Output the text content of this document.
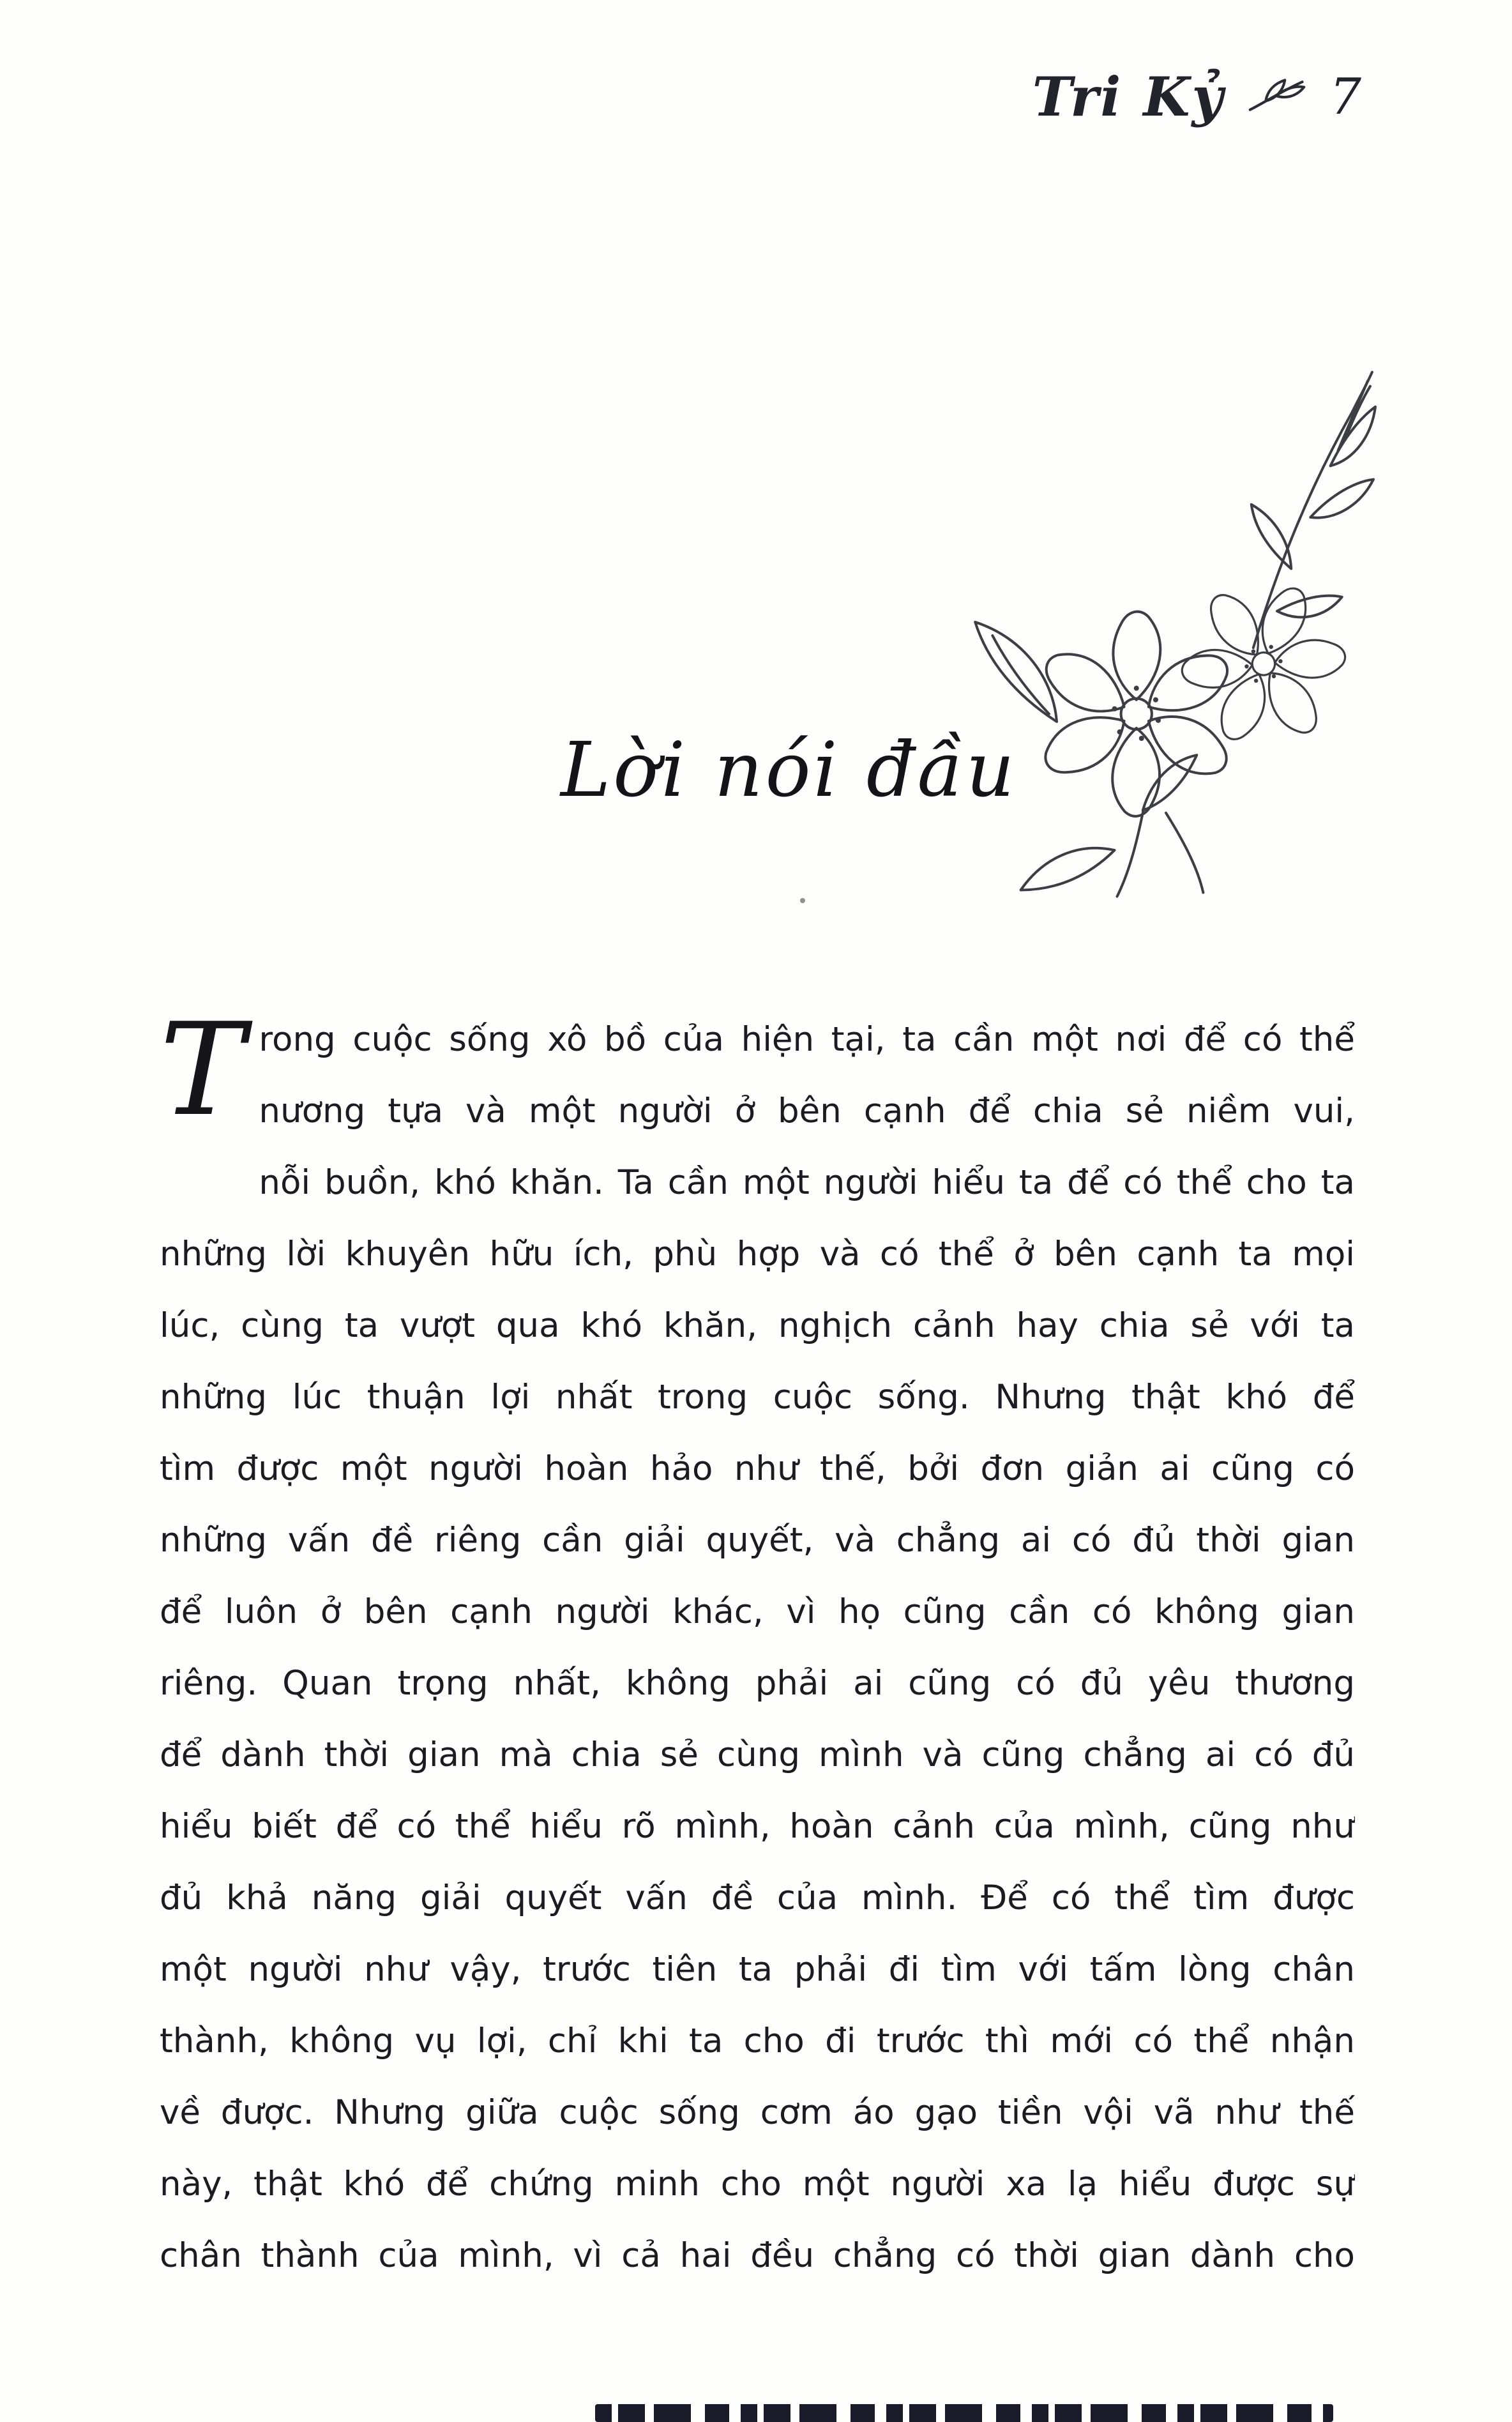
Tri Kỷ 7
Lời nói đầu
T rong cuộc sống xô bồ của hiện tại, ta cần một nơi để có thể
nương tựa và một người ở bên cạnh để chia sẻ niềm vui,
nỗi buồn, khó khăn. Ta cần một người hiểu ta để có thể cho ta
những lời khuyên hữu ích, phù hợp và có thể ở bên cạnh ta mọi
lúc, cùng ta vượt qua khó khăn, nghịch cảnh hay chia sẻ với ta
những lúc thuận lợi nhất trong cuộc sống. Nhưng thật khó để
tìm được một người hoàn hảo như thế, bởi đơn giản ai cũng có
những vấn đề riêng cần giải quyết, và chẳng ai có đủ thời gian
để luôn ở bên cạnh người khác, vì họ cũng cần có không gian
riêng. Quan trọng nhất, không phải ai cũng có đủ yêu thương
để dành thời gian mà chia sẻ cùng mình và cũng chẳng ai có đủ
hiểu biết để có thể hiểu rõ mình, hoàn cảnh của mình, cũng như
đủ khả năng giải quyết vấn đề của mình. Để có thể tìm được
một người như vậy, trước tiên ta phải đi tìm với tấm lòng chân
thành, không vụ lợi, chỉ khi ta cho đi trước thì mới có thể nhận
về được. Nhưng giữa cuộc sống cơm áo gạo tiền vội vã như thế
này, thật khó để chứng minh cho một người xa lạ hiểu được sự
chân thành của mình, vì cả hai đều chẳng có thời gian dành cho
